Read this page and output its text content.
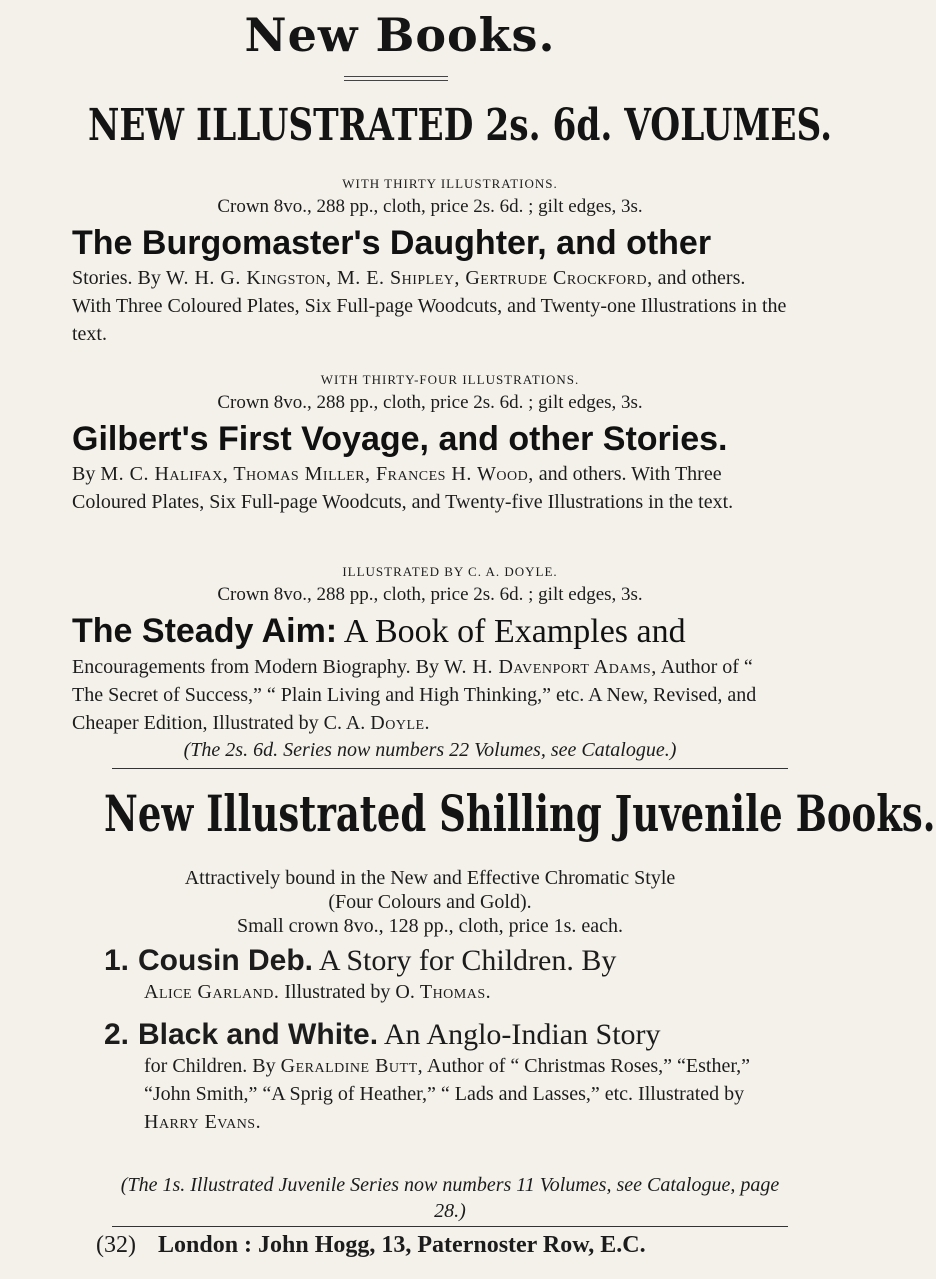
New Books.
NEW ILLUSTRATED 2s. 6d. VOLUMES.

WITH THIRTY ILLUSTRATIONS.

Crown 8vo., 288 pp., cloth, price 2s. 6d. ; gilt edges, 3s.

The Burgomaster's Daughter, and other

Stories. By W. H. G. Kingston, M. E. Shipley, Gertrude Crockford, and others. With Three Coloured Plates, Six Full-page Woodcuts, and Twenty-one Illustrations in the text.

WITH THIRTY-FOUR ILLUSTRATIONS.

Crown 8vo., 288 pp., cloth, price 2s. 6d. ; gilt edges, 3s.

Gilbert's First Voyage, and other Stories.

By M. C. Halifax, Thomas Miller, Frances H. Wood, and others. With Three Coloured Plates, Six Full-page Woodcuts, and Twenty-five Illustrations in the text.

ILLUSTRATED BY C. A. DOYLE.

Crown 8vo., 288 pp., cloth, price 2s. 6d. ; gilt edges, 3s.

The Steady Aim: A Book of Examples and

Encouragements from Modern Biography. By W. H. Davenport Adams, Author of “ The Secret of Success,” “ Plain Living and High Thinking,” etc. A New, Revised, and Cheaper Edition, Illustrated by C. A. Doyle.

(The 2s. 6d. Series now numbers 22 Volumes, see Catalogue.)

New Illustrated Shilling Juvenile Books.
Attractively bound in the New and Effective Chromatic Style
(Four Colours and Gold).
Small crown 8vo., 128 pp., cloth, price 1s. each.
1. Cousin Deb. A Story for Children. By
Alice Garland. Illustrated by O. Thomas.
2. Black and White. An Anglo-Indian Story
for Children. By Geraldine Butt, Author of “ Christmas Roses,” “Esther,” “John Smith,” “A Sprig of Heather,” “ Lads and Lasses,” etc. Illustrated by Harry Evans.
(The 1s. Illustrated Juvenile Series now numbers 11 Volumes, see Catalogue, page 28.)
(32) London : John Hogg, 13, Paternoster Row, E.C.
